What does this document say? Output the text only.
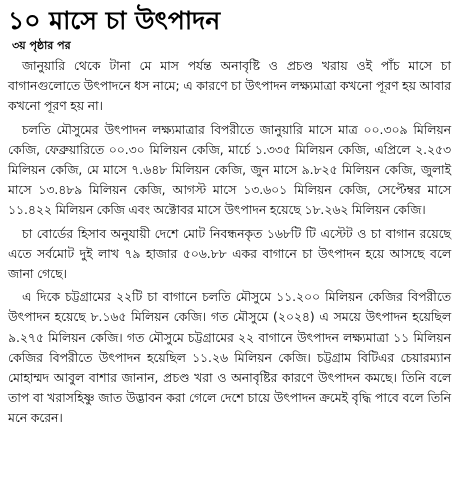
১০ মাসে চা উৎপাদন
৩য় পৃষ্ঠার পর

জানুয়ারি থেকে টানা মে মাস পর্যন্ত অনাবৃষ্টি ও প্রচণ্ড খরায় ওই পাঁচ মাসে চা বাগানগুলোতে উৎপাদনে ধস নামে; এ কারণে চা উৎপাদন লক্ষ্যমাত্রা কখনো পূরণ হয় আবার কখনো পূরণ হয় না।

চলতি মৌসুমের উৎপাদন লক্ষ্যমাত্রার বিপরীতে জানুয়ারি মাসে মাত্র ০০.৩০৯ মিলিয়ন কেজি, ফেব্রুয়ারিতে ০০.৩০ মিলিয়ন কেজি, মার্চে ১.৩৩৫ মিলিয়ন কেজি, এপ্রিলে ২.২৫৩ মিলিয়ন কেজি, মে মাসে ৭.৬৪৮ মিলিয়ন কেজি, জুন মাসে ৯.৮২৫ মিলিয়ন কেজি, জুলাই মাসে ১৩.৪৮৯ মিলিয়ন কেজি, আগস্ট মাসে ১৩.৬০১ মিলিয়ন কেজি, সেপ্টেম্বর মাসে ১১.৪২২ মিলিয়ন কেজি এবং অক্টোবর মাসে উৎপাদন হয়েছে ১৮.২৬২ মিলিয়ন কেজি।

চা বোর্ডের হিসাব অনুযায়ী দেশে মোট নিবন্ধনকৃত ১৬৮টি টি এস্টেট ও চা বাগান রয়েছে এতে সর্বমোট দুই লাখ ৭৯ হাজার ৫০৬.৮৮ একর বাগানে চা উৎপাদন হয়ে আসছে বলে জানা গেছে।

এ দিকে চট্টগ্রামের ২২টি চা বাগানে চলতি মৌসুমে ১১.২০০ মিলিয়ন কেজির বিপরীতে উৎপাদন হয়েছে ৮.১৬৫ মিলিয়ন কেজি। গত মৌসুমে (২০২৪) এ সময়ে উৎপাদন হয়েছিল ৯.২৭৫ মিলিয়ন কেজি। গত মৌসুমে চট্টগ্রামের ২২ বাগানে উৎপাদন লক্ষ্যমাত্রা ১১ মিলিয়ন কেজির বিপরীতে উৎপাদন হয়েছিল ১১.২৬ মিলিয়ন কেজি। চট্টগ্রাম বিটিএর চেয়ারম্যান মোহাম্মদ আবুল বাশার জানান, প্রচণ্ড খরা ও অনাবৃষ্টির কারণে উৎপাদন কমছে। তিনি বলে তাপ বা খরাসহিষ্ণু জাত উদ্ভাবন করা গেলে দেশে চায়ে উৎপাদন ক্রমেই বৃদ্ধি পাবে বলে তিনি মনে করেন।
